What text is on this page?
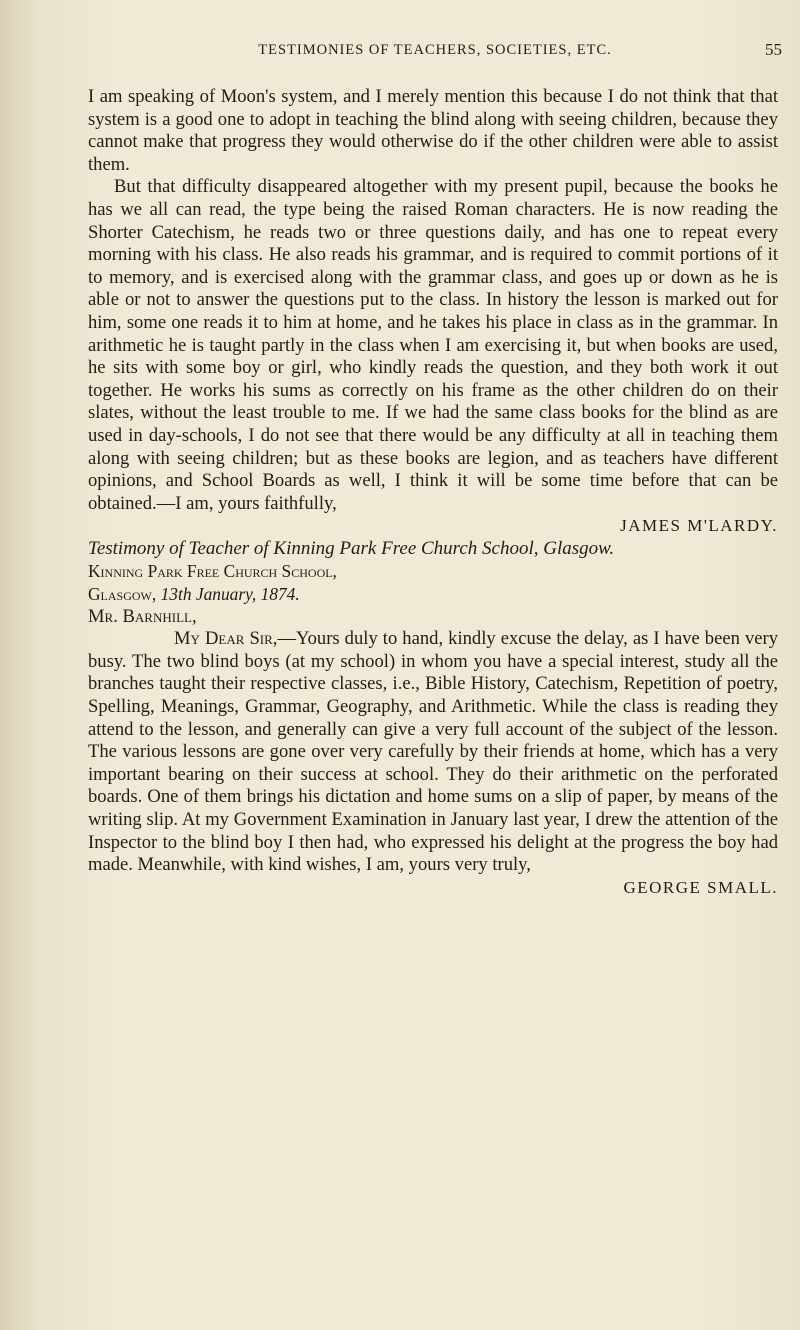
TESTIMONIES OF TEACHERS, SOCIETIES, ETC.	55

I am speaking of Moon's system, and I merely mention this because I do not think that that system is a good one to adopt in teaching the blind along with seeing children, because they cannot make that progress they would otherwise do if the other children were able to assist them.

But that difficulty disappeared altogether with my present pupil, because the books he has we all can read, the type being the raised Roman characters. He is now reading the Shorter Catechism, he reads two or three questions daily, and has one to repeat every morning with his class. He also reads his grammar, and is required to commit portions of it to memory, and is exercised along with the grammar class, and goes up or down as he is able or not to answer the questions put to the class. In history the lesson is marked out for him, some one reads it to him at home, and he takes his place in class as in the grammar. In arithmetic he is taught partly in the class when I am exercising it, but when books are used, he sits with some boy or girl, who kindly reads the question, and they both work it out together. He works his sums as correctly on his frame as the other children do on their slates, without the least trouble to me. If we had the same class books for the blind as are used in day-schools, I do not see that there would be any difficulty at all in teaching them along with seeing children; but as these books are legion, and as teachers have different opinions, and School Boards as well, I think it will be some time before that can be obtained.—I am, yours faithfully,

JAMES M'LARDY.

Testimony of Teacher of Kinning Park Free Church School, Glasgow.

Kinning Park Free Church School,
Glasgow, 13th January, 1874.

Mr. Barnhill,

My Dear Sir,—Yours duly to hand, kindly excuse the delay, as I have been very busy. The two blind boys (at my school) in whom you have a special interest, study all the branches taught their respective classes, i.e., Bible History, Catechism, Repetition of poetry, Spelling, Meanings, Grammar, Geography, and Arithmetic. While the class is reading they attend to the lesson, and generally can give a very full account of the subject of the lesson. The various lessons are gone over very carefully by their friends at home, which has a very important bearing on their success at school. They do their arithmetic on the perforated boards. One of them brings his dictation and home sums on a slip of paper, by means of the writing slip. At my Government Examination in January last year, I drew the attention of the Inspector to the blind boy I then had, who expressed his delight at the progress the boy had made. Meanwhile, with kind wishes, I am, yours very truly,

GEORGE SMALL.
